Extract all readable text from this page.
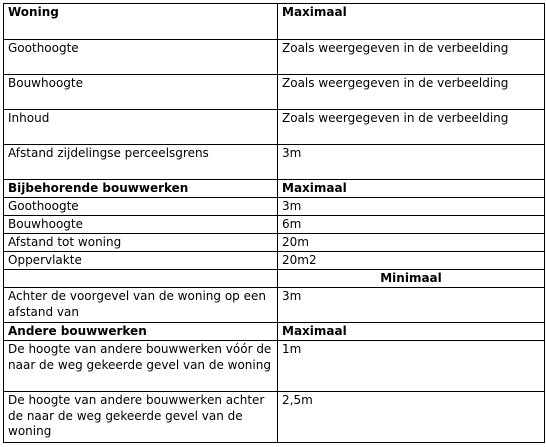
Woning	Maximaal
Goothoogte	Zoals weergegeven in de verbeelding
Bouwhoogte	Zoals weergegeven in de verbeelding
Inhoud	Zoals weergegeven in de verbeelding
Afstand zijdelingse perceelsgrens	3m
Bijbehorende bouwwerken	Maximaal
Goothoogte	3m
Bouwhoogte	6m
Afstand tot woning	20m
Oppervlakte	20m2
	Minimaal
Achter de voorgevel van de woning op een afstand van	3m
Andere bouwwerken	Maximaal
De hoogte van andere bouwwerken vóór de naar de weg gekeerde gevel van de woning	1m
De hoogte van andere bouwwerken achter de naar de weg gekeerde gevel van de woning	2,5m
